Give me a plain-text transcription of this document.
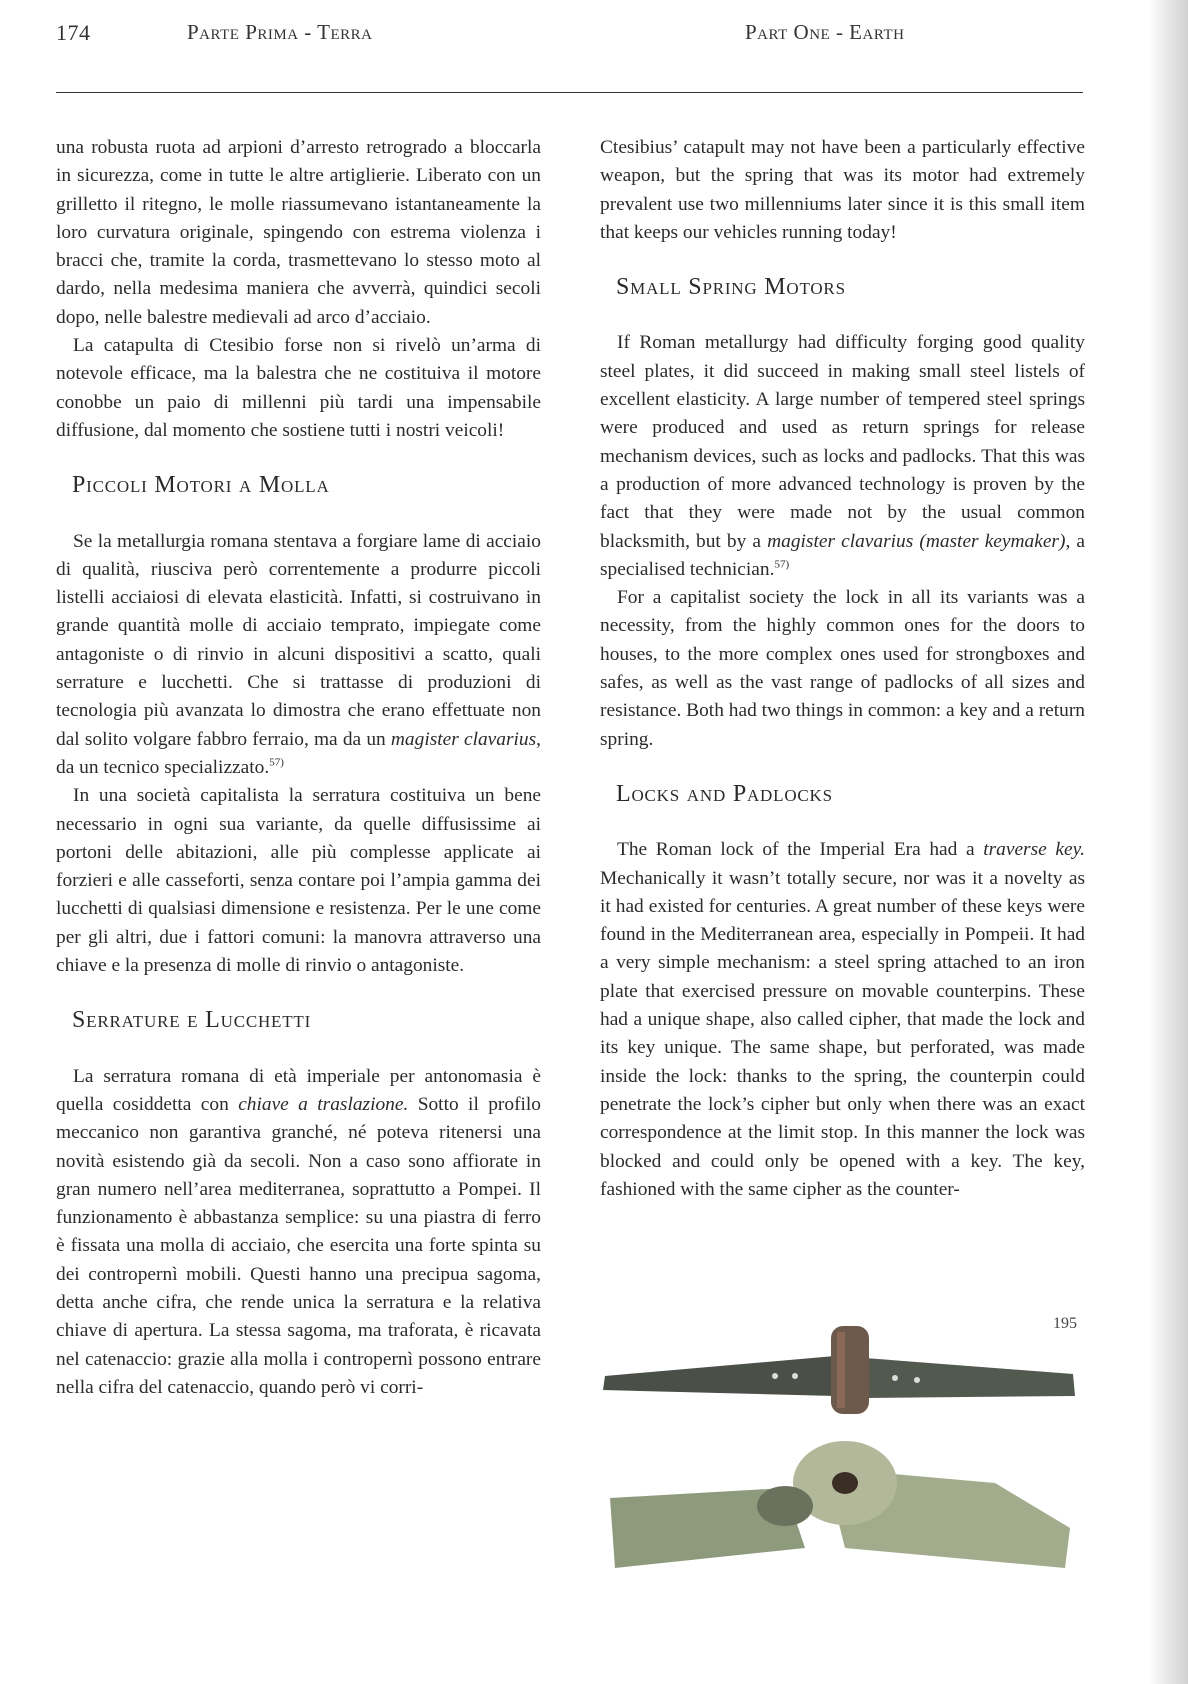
174	Parte Prima - Terra	Part One - Earth

una robusta ruota ad arpioni d’arresto retrogrado a bloccarla in sicurezza, come in tutte le altre artiglierie. Liberato con un grilletto il ritegno, le molle riassumevano istantaneamente la loro curvatura originale, spingendo con estrema violenza i bracci che, tramite la corda, trasmettevano lo stesso moto al dardo, nella medesima maniera che avverrà, quindici secoli dopo, nelle balestre medievali ad arco d’acciaio.

La catapulta di Ctesibio forse non si rivelò un’arma di notevole efficace, ma la balestra che ne costituiva il motore conobbe un paio di millenni più tardi una impensabile diffusione, dal momento che sostiene tutti i nostri veicoli!

Piccoli Motori a Molla

Se la metallurgia romana stentava a forgiare lame di acciaio di qualità, riusciva però correntemente a produrre piccoli listelli acciaiosi di elevata elasticità. Infatti, si costruivano in grande quantità molle di acciaio temprato, impiegate come antagoniste o di rinvio in alcuni dispositivi a scatto, quali serrature e lucchetti. Che si trattasse di produzioni di tecnologia più avanzata lo dimostra che erano effettuate non dal solito volgare fabbro ferraio, ma da un magister clavarius, da un tecnico specializzato.$^{57)}$

In una società capitalista la serratura costituiva un bene necessario in ogni sua variante, da quelle diffusissime ai portoni delle abitazioni, alle più complesse applicate ai forzieri e alle casseforti, senza contare poi l’ampia gamma dei lucchetti di qualsiasi dimensione e resistenza. Per le une come per gli altri, due i fattori comuni: la manovra attraverso una chiave e la presenza di molle di rinvio o antagoniste.

Serrature e Lucchetti

La serratura romana di età imperiale per antonomasia è quella cosiddetta con chiave a traslazione. Sotto il profilo meccanico non garantiva granché, né poteva ritenersi una novità esistendo già da secoli. Non a caso sono affiorate in gran numero nell’area mediterranea, soprattutto a Pompei. Il funzionamento è abbastanza semplice: su una piastra di ferro è fissata una molla di acciaio, che esercita una forte spinta su dei contropernì mobili. Questi hanno una precipua sagoma, detta anche cifra, che rende unica la serratura e la relativa chiave di apertura. La stessa sagoma, ma traforata, è ricavata nel catenaccio: grazie alla molla i contropernì possono entrare nella cifra del catenaccio, quando però vi corri-

Ctesibius’ catapult may not have been a particularly effective weapon, but the spring that was its motor had extremely prevalent use two millenniums later since it is this small item that keeps our vehicles running today!

Small Spring Motors

If Roman metallurgy had difficulty forging good quality steel plates, it did succeed in making small steel listels of excellent elasticity. A large number of tempered steel springs were produced and used as return springs for release mechanism devices, such as locks and padlocks. That this was a production of more advanced technology is proven by the fact that they were made not by the usual common blacksmith, but by a magister clavarius (master keymaker), a specialised technician.$^{57)}$

For a capitalist society the lock in all its variants was a necessity, from the highly common ones for the doors to houses, to the more complex ones used for strongboxes and safes, as well as the vast range of padlocks of all sizes and resistance. Both had two things in common: a key and a return spring.

Locks and Padlocks

The Roman lock of the Imperial Era had a traverse key. Mechanically it wasn’t totally secure, nor was it a novelty as it had existed for centuries. A great number of these keys were found in the Mediterranean area, especially in Pompeii. It had a very simple mechanism: a steel spring attached to an iron plate that exercised pressure on movable counterpins. These had a unique shape, also called cipher, that made the lock and its key unique. The same shape, but perforated, was made inside the lock: thanks to the spring, the counterpin could penetrate the lock’s cipher but only when there was an exact correspondence at the limit stop. In this manner the lock was blocked and could only be opened with a key. The key, fashioned with the same cipher as the counter-

195
